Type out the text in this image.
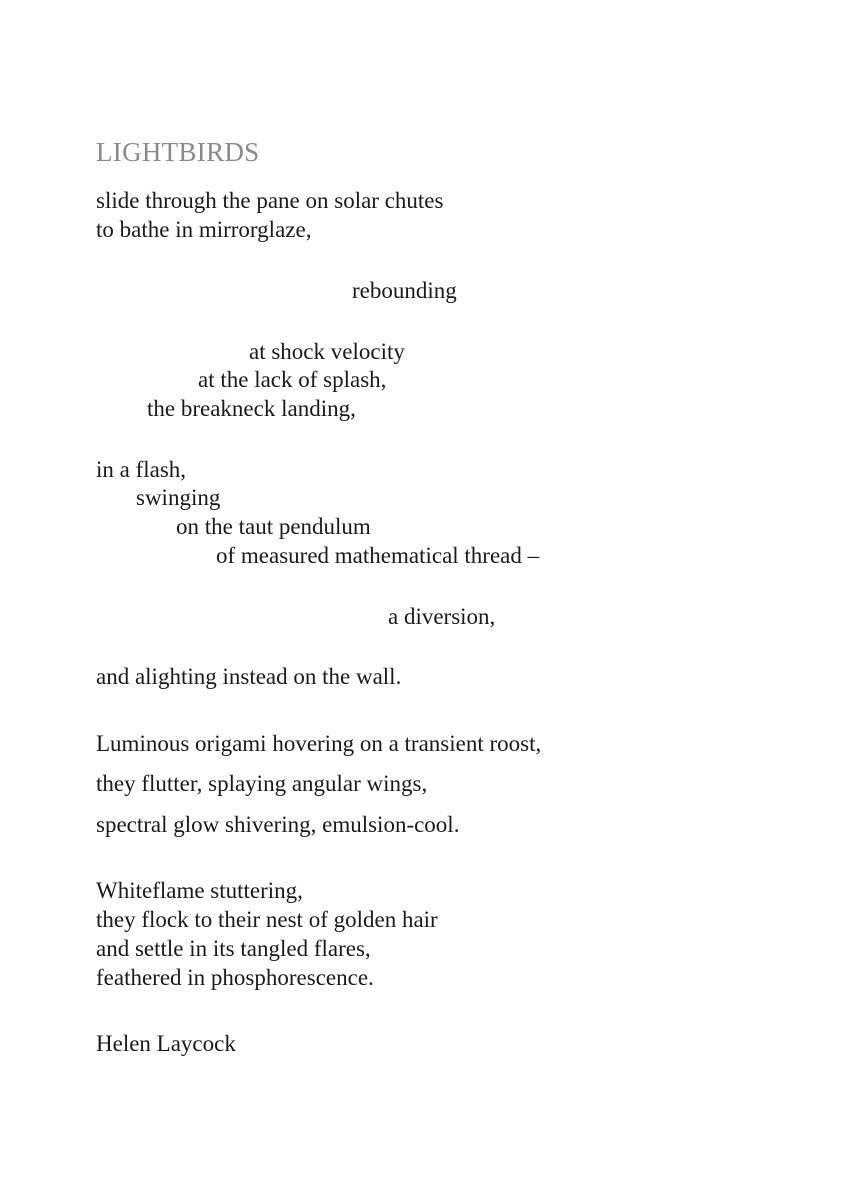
LIGHTBIRDS
slide through the pane on solar chutes
to bathe in mirrorglaze,
rebounding
at shock velocity
at the lack of splash,
the breakneck landing,
in a flash,
swinging
on the taut pendulum
of measured mathematical thread –
a diversion,
and alighting instead on the wall.
Luminous origami hovering on a transient roost,
they flutter, splaying angular wings,
spectral glow shivering, emulsion-cool.
Whiteflame stuttering,
they flock to their nest of golden hair
and settle in its tangled flares,
feathered in phosphorescence.
Helen Laycock
